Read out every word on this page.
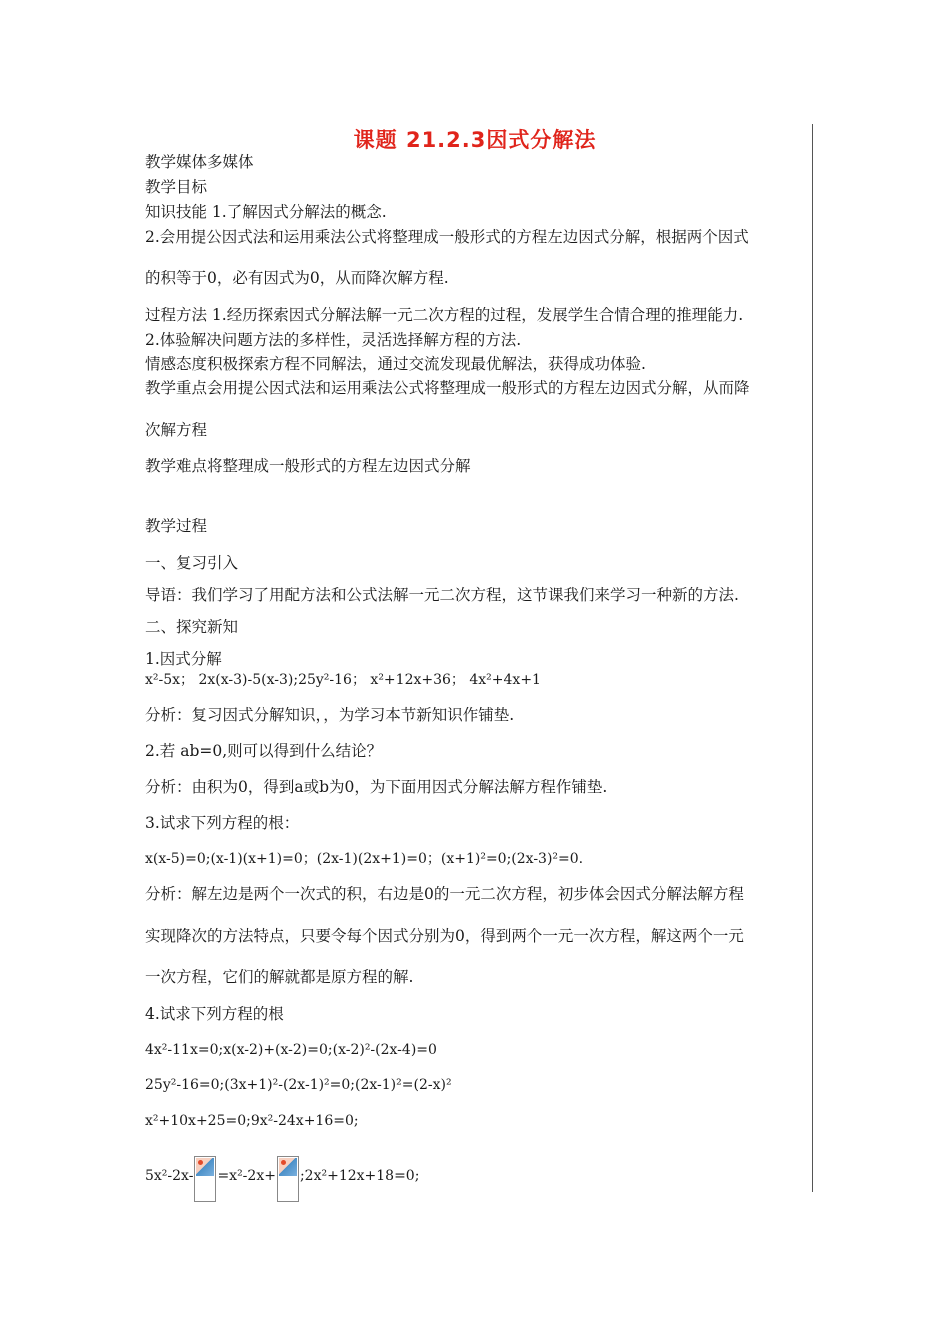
课题 21.2.3因式分解法
教学媒体多媒体
教学目标
知识技能 1.了解因式分解法的概念.
2.会用提公因式法和运用乘法公式将整理成一般形式的方程左边因式分解，根据两个因式
的积等于0，必有因式为0，从而降次解方程.
过程方法 1.经历探索因式分解法解一元二次方程的过程，发展学生合情合理的推理能力.
2.体验解决问题方法的多样性，灵活选择解方程的方法.
情感态度积极探索方程不同解法，通过交流发现最优解法，获得成功体验.
教学重点会用提公因式法和运用乘法公式将整理成一般形式的方程左边因式分解，从而降
次解方程
教学难点将整理成一般形式的方程左边因式分解
教学过程
一、复习引入
导语：我们学习了用配方法和公式法解一元二次方程，这节课我们来学习一种新的方法.
二、探究新知
1.因式分解
x²-5x； 2x(x-3)-5(x-3);25y²-16； x²+12x+36； 4x²+4x+1
分析：复习因式分解知识，，为学习本节新知识作铺垫.
2.若 ab=0,则可以得到什么结论？
分析：由积为0，得到a或b为0，为下面用因式分解法解方程作铺垫.
3.试求下列方程的根：
x(x-5)=0;(x-1)(x+1)=0；(2x-1)(2x+1)=0；(x+1)²=0;(2x-3)²=0.
分析：解左边是两个一次式的积，右边是0的一元二次方程，初步体会因式分解法解方程
实现降次的方法特点，只要令每个因式分别为0，得到两个一元一次方程，解这两个一元
一次方程，它们的解就都是原方程的解.
4.试求下列方程的根
4x²-11x=0;x(x-2)+(x-2)=0;(x-2)²-(2x-4)=0
25y²-16=0;(3x+1)²-(2x-1)²=0;(2x-1)²=(2-x)²
x²+10x+25=0;9x²-24x+16=0;
5x²-2x- =x²-2x+ ;2x²+12x+18=0;
